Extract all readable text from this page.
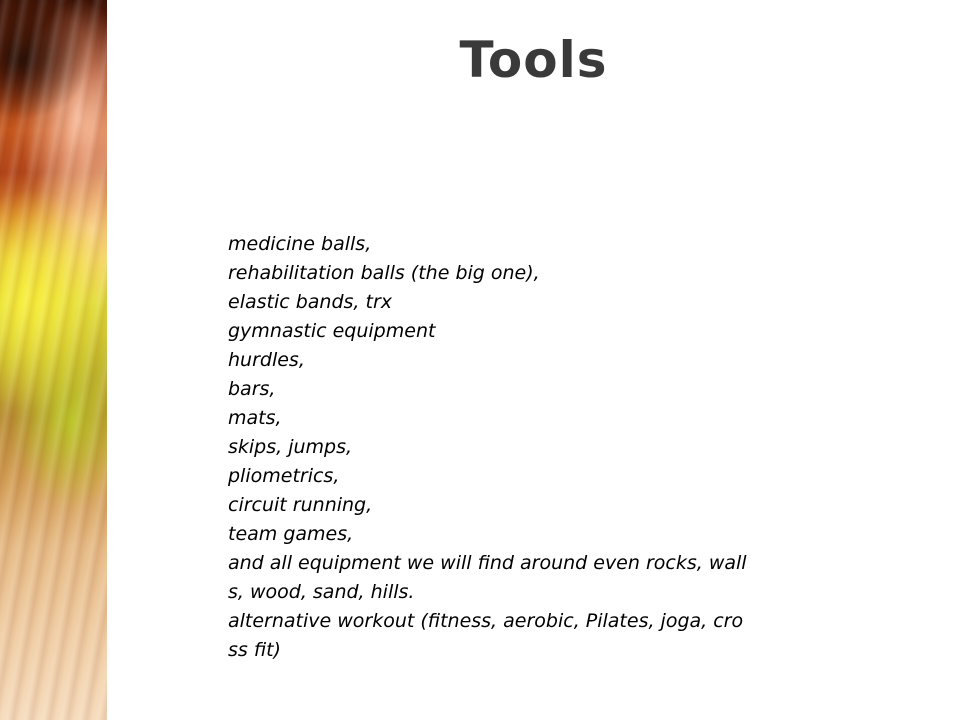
Tools
medicine balls,
rehabilitation balls (the big one),
elastic bands, trx
gymnastic equipment
hurdles,
bars,
mats,
skips, jumps,
pliometrics,
circuit running,
team games,
and all equipment we will find around even rocks, wall
s, wood, sand, hills.
alternative workout (fitness, aerobic, Pilates, joga, cro
ss fit)
